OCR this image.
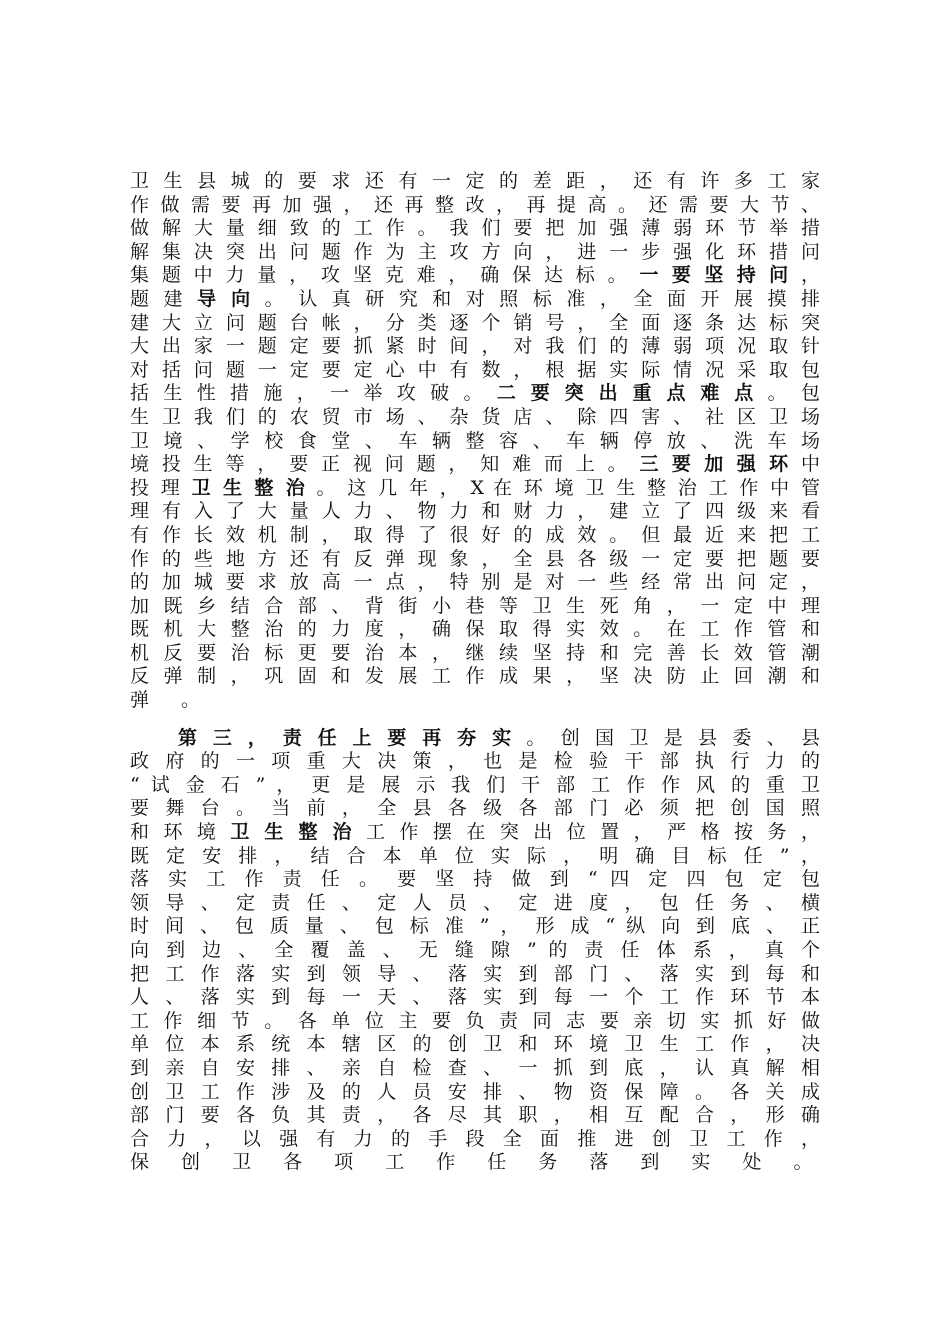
卫 生 县 城 的 要 求 还 有 一 定 的 差 距 ， 还 有 许 多 工 家
作 做 需 要 再 加 强 ， 还 再 整 改 ， 再 提 高 。 还 需 要 大 节 、
做 解 大 量 细 致 的 工 作 。 我 们 要 把 加 强 薄 弱 环 节 举 措
解 集 决 突 出 问 题 作 为 主 攻 方 向 ， 进 一 步 强 化 环 措 问
集 题 中 力 量 ， 攻 坚 克 难 ， 确 保 达 标 。 一 要 坚 持 问 ，
题 建 导 向 。 认 真 研 究 和 对 照 标 准 ， 全 面 开 展 摸 排
建 大 立 问 题 台 帐 ， 分 类 逐 个 销 号 ， 全 面 逐 条 达 标 突
大 出 家 一 题 定 要 抓 紧 时 间 ， 对 我 们 的 薄 弱 项 况 取 针
对 括 问 题 一 定 要 定 心 中 有 数 ， 根 据 实 际 情 况 采 取 包
括 生 性 措 施 ， 一 举 攻 破 。 二 要 突 出 重 点 难 点 。 包
生 卫 我 们 的 农 贸 市 场 、 杂 货 店 、 除 四 害 、 社 区 卫 场
卫 境 、 学 校 食 堂 、 车 辆 整 容 、 车 辆 停 放 、 洗 车 场
境 投 生 等 ， 要 正 视 问 题 ， 知 难 而 上 。 三 要 加 强 环 中
投 理 卫 生 整 治 。 这 几 年 ， X 在 环 境 卫 生 整 治 工 作 中 管
理 有 入 了 大 量 人 力 、 物 力 和 财 力 ， 建 立 了 四 级 来 看
有 作 长 效 机 制 ， 取 得 了 很 好 的 成 效 。 但 最 近 来 把 工
作 的 些 地 方 还 有 反 弹 现 象 ， 全 县 各 级 一 定 要 把 题 要
的 加 城 要 求 放 高 一 点 ， 特 别 是 对 一 些 经 常 出 问 定 ，
加 既 乡 结 合 部 、 背 街 小 巷 等 卫 生 死 角 ， 一 定 中 理
既 机 大 整 治 的 力 度 ， 确 保 取 得 实 效 。 在 工 作 管 和
机 反 要 治 标 更 要 治 本 ， 继 续 坚 持 和 完 善 长 效 管 潮
反 弹 制 ， 巩 固 和 发 展 工 作 成 果 ， 坚 决 防 止 回 潮 和
弹 。
第 三 ， 责 任 上 要 再 夯 实 。 创 国 卫 是 县 委 、 县
政 府 的 一 项 重 大 决 策 ， 也 是 检 验 干 部 执 行 力 的
“ 试 金 石 ” ， 更 是 展 示 我 们 干 部 工 作 作 风 的 重 卫
要 舞 台 。 当 前 ， 全 县 各 级 各 部 门 必 须 把 创 国 照
和 环 境 卫 生 整 治 工 作 摆 在 突 出 位 置 ， 严 格 按 务 ，
既 定 安 排 ， 结 合 本 单 位 实 际 ， 明 确 目 标 任 ” ，
落 实 工 作 责 任 。 要 坚 持 做 到 “ 四 定 四 包 定 包
领 导 、 定 责 任 、 定 人 员 、 定 进 度 ， 包 任 务 、 横
时 间 、 包 质 量 、 包 标 准 ” ， 形 成 “ 纵 向 到 底 、 正
向 到 边 、 全 覆 盖 、 无 缝 隙 ” 的 责 任 体 系 ， 真 个
把 工 作 落 实 到 领 导 、 落 实 到 部 门 、 落 实 到 每 和
人 、 落 实 到 每 一 天 、 落 实 到 每 一 个 工 作 环 节 本
工 作 细 节 。 各 单 位 主 要 负 责 同 志 要 亲 切 实 抓 好 做
单 位 本 系 统 本 辖 区 的 创 卫 和 环 境 卫 生 工 作 ， 决
到 亲 自 安 排 、 亲 自 检 查 、 一 抓 到 底 ， 认 真 解 相
创 卫 工 作 涉 及 的 人 员 安 排 、 物 资 保 障 。 各 关 成
部 门 要 各 负 其 责 ， 各 尽 其 职 ， 相 互 配 合 ， 形 确
合 力 ， 以 强 有 力 的 手 段 全 面 推 进 创 卫 工 作 ，
保 创 卫 各 项 工 作 任 务 落 到 实 处 。
